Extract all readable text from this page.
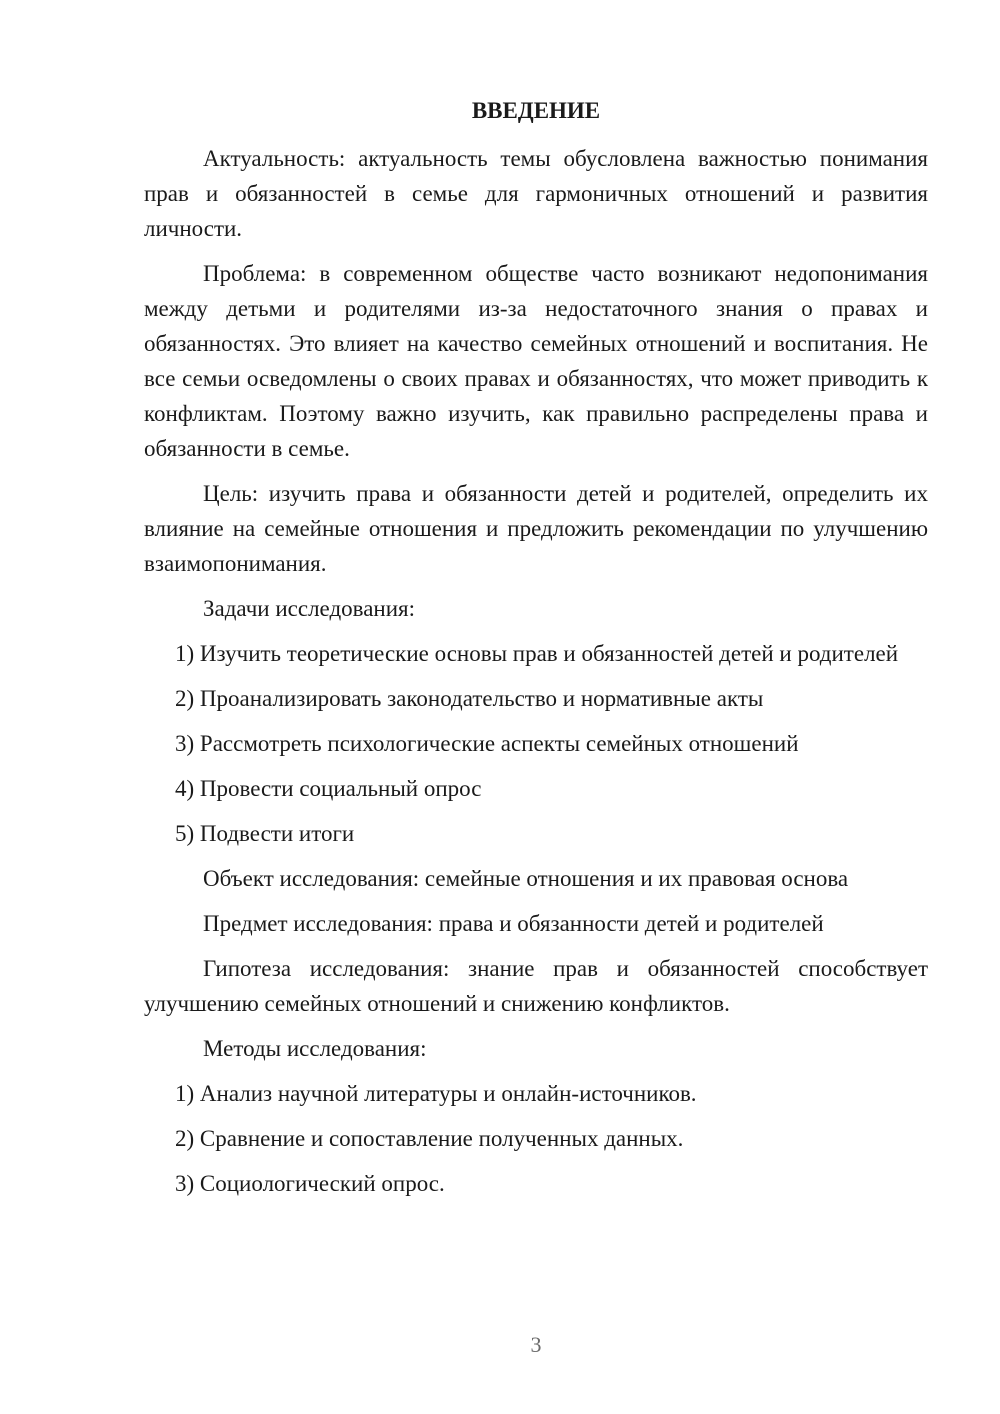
ВВЕДЕНИЕ

Актуальность: актуальность темы обусловлена важностью понимания прав и обязанностей в семье для гармоничных отношений и развития личности.

Проблема: в современном обществе часто возникают недопонимания между детьми и родителями из-за недостаточного знания о правах и обязанностях. Это влияет на качество семейных отношений и воспитания. Не все семьи осведомлены о своих правах и обязанностях, что может приводить к конфликтам. Поэтому важно изучить, как правильно распределены права и обязанности в семье.

Цель: изучить права и обязанности детей и родителей, определить их влияние на семейные отношения и предложить рекомендации по улучшению взаимопонимания.

Задачи исследования:

1) Изучить теоретические основы прав и обязанностей детей и родителей

2) Проанализировать законодательство и нормативные акты

3) Рассмотреть психологические аспекты семейных отношений

4) Провести социальный опрос

5) Подвести итоги

Объект исследования: семейные отношения и их правовая основа

Предмет исследования: права и обязанности детей и родителей

Гипотеза исследования: знание прав и обязанностей способствует улучшению семейных отношений и снижению конфликтов.

Методы исследования:

1) Анализ научной литературы и онлайн-источников.

2) Сравнение и сопоставление полученных данных.

3) Социологический опрос.

3
